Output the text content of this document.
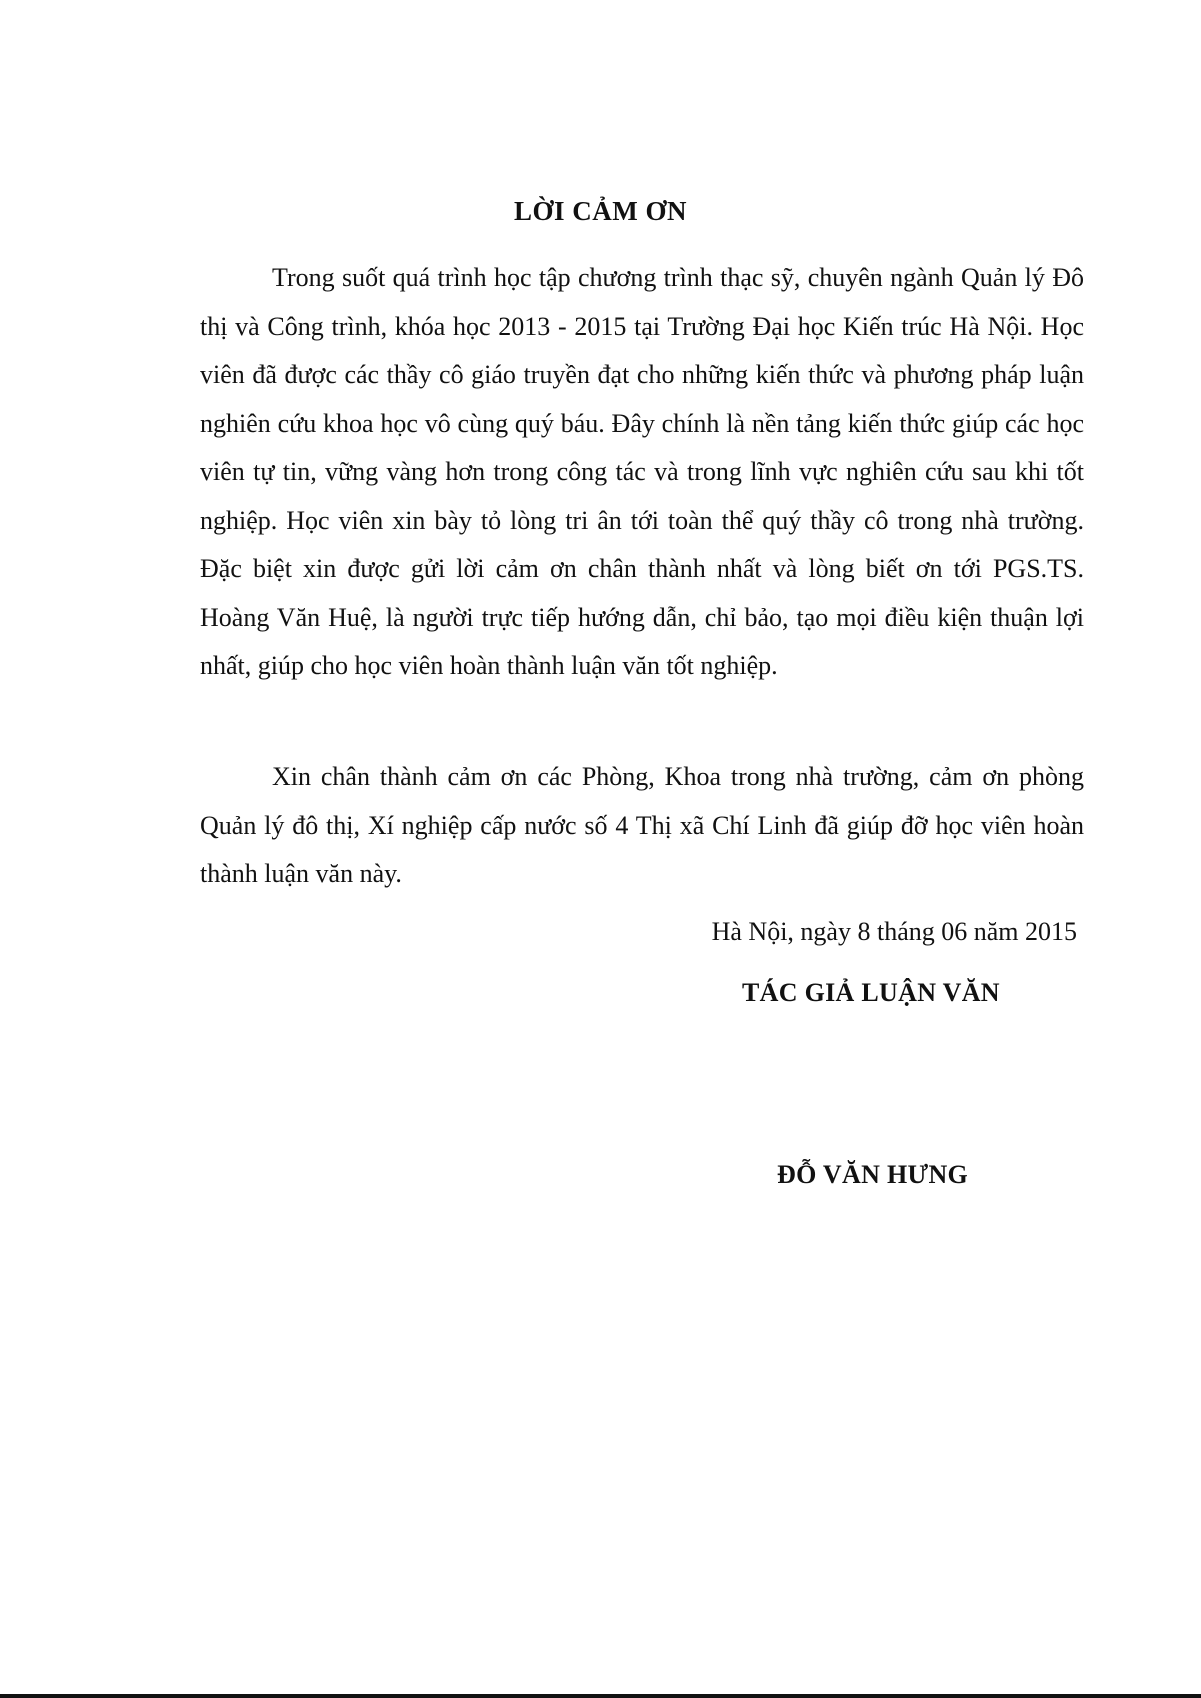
LỜI CẢM ƠN

Trong suốt quá trình học tập chương trình thạc sỹ, chuyên ngành Quản lý Đô thị và Công trình, khóa học 2013 - 2015 tại Trường Đại học Kiến trúc Hà Nội. Học viên đã được các thầy cô giáo truyền đạt cho những kiến thức và phương pháp luận nghiên cứu khoa học vô cùng quý báu. Đây chính là nền tảng kiến thức giúp các học viên tự tin, vững vàng hơn trong công tác và trong lĩnh vực nghiên cứu sau khi tốt nghiệp. Học viên xin bày tỏ lòng tri ân tới toàn thể quý thầy cô trong nhà trường. Đặc biệt xin được gửi lời cảm ơn chân thành nhất và lòng biết ơn tới PGS.TS. Hoàng Văn Huệ, là người trực tiếp hướng dẫn, chỉ bảo, tạo mọi điều kiện thuận lợi nhất, giúp cho học viên hoàn thành luận văn tốt nghiệp.

Xin chân thành cảm ơn các Phòng, Khoa trong nhà trường, cảm ơn phòng Quản lý đô thị, Xí nghiệp cấp nước số 4 Thị xã Chí Linh đã giúp đỡ học viên hoàn thành luận văn này.

Hà Nội, ngày 8 tháng 06 năm 2015
TÁC GIẢ LUẬN VĂN
ĐỖ VĂN HƯNG
